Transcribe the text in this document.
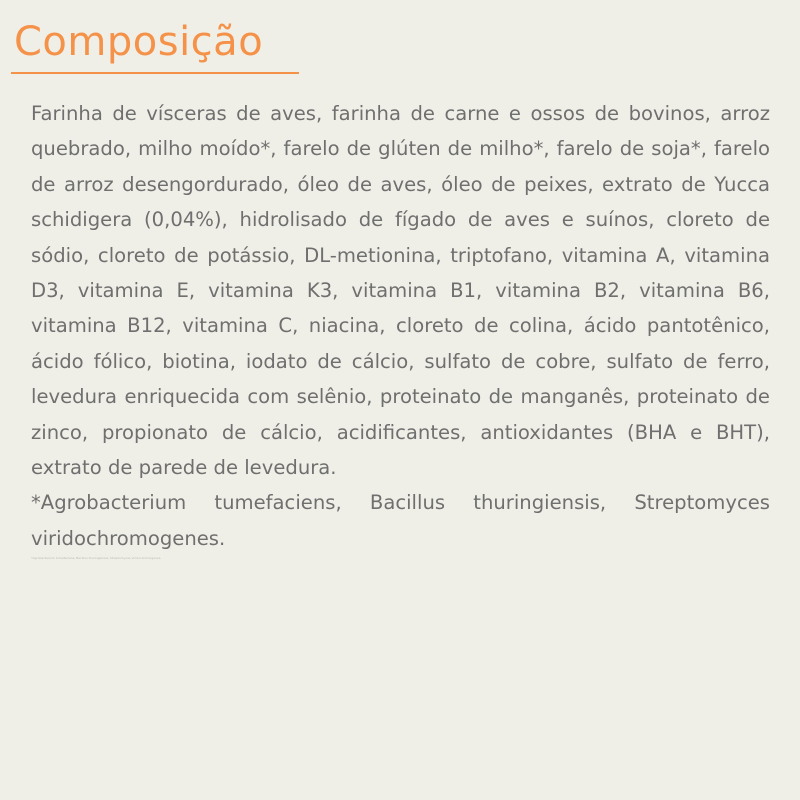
Composição

Farinha de vísceras de aves, farinha de carne e ossos de bovinos, arroz quebrado, milho moído*, farelo de glúten de milho*, farelo de soja*, farelo de arroz desengordurado, óleo de aves, óleo de peixes, extrato de Yucca schidigera (0,04%), hidrolisado de fígado de aves e suínos, cloreto de sódio, cloreto de potássio, DL-metionina, triptofano, vitamina A, vitamina D3, vitamina E, vitamina K3, vitamina B1, vitamina B2, vitamina B6, vitamina B12, vitamina C, niacina, cloreto de colina, ácido pantotênico, ácido fólico, biotina, iodato de cálcio, sulfato de cobre, sulfato de ferro, levedura enriquecida com selênio, proteinato de manganês, proteinato de zinco, propionato de cálcio, acidificantes, antioxidantes (BHA e BHT), extrato de parede de levedura.

*Agrobacterium tumefaciens, Bacillus thuringiensis, Streptomyces viridochromogenes.

*Agrobacterium tumefaciens, Bacillus thuringiensis, Streptomyces viridochromogenes.
